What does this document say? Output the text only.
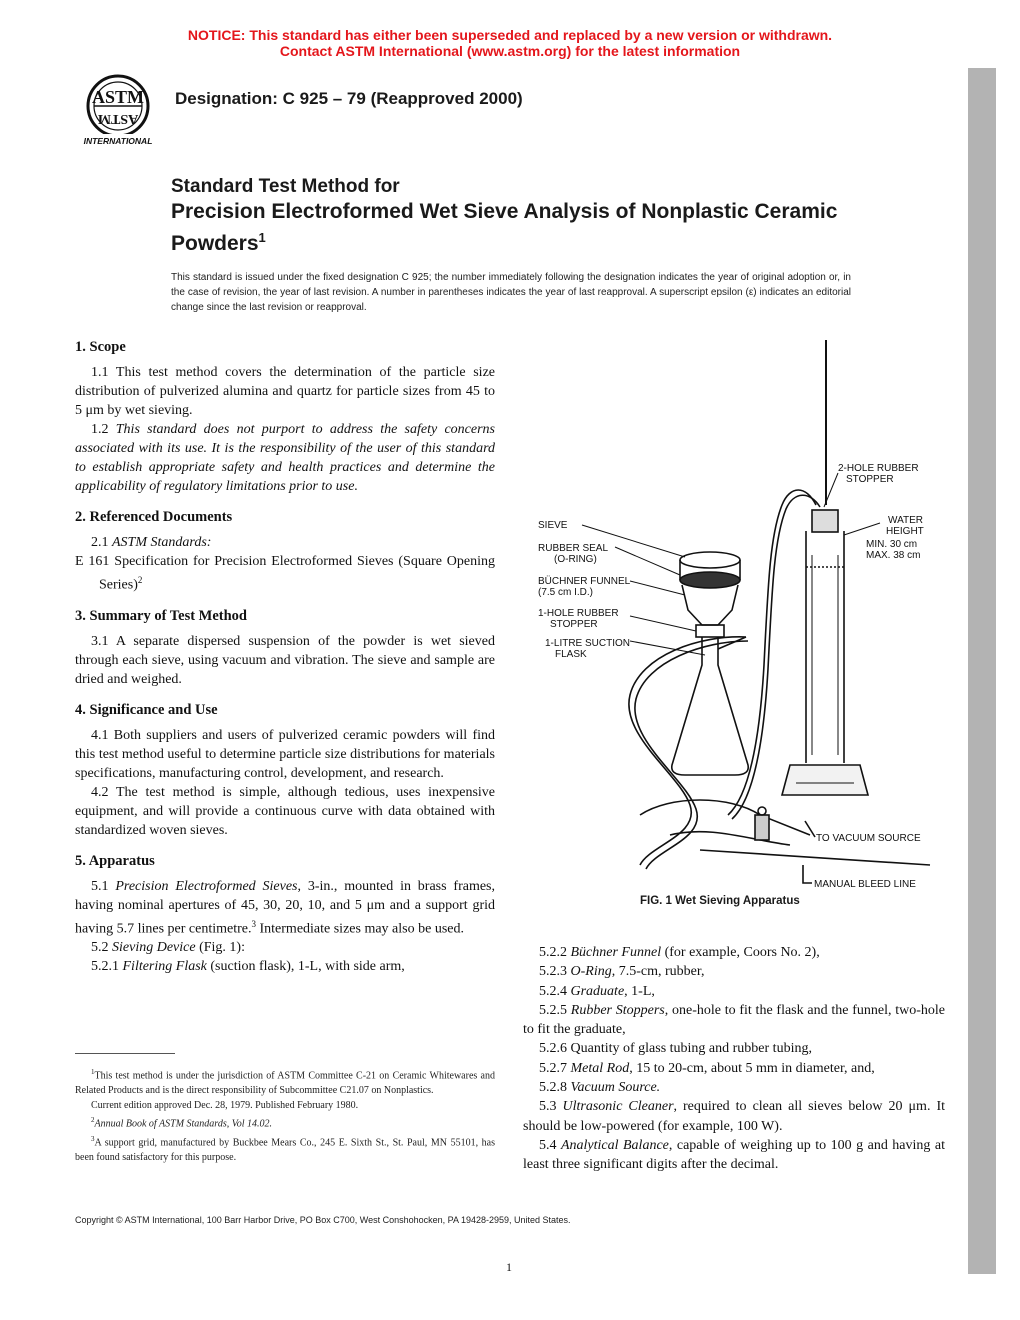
NOTICE: This standard has either been superseded and replaced by a new version or withdrawn.
Contact ASTM International (www.astm.org) for the latest information
ASTM
ASTM
INTERNATIONAL
Designation: C 925 – 79 (Reapproved 2000)
Standard Test Method for
Precision Electroformed Wet Sieve Analysis of Nonplastic Ceramic Powders$^1$
This standard is issued under the fixed designation C 925; the number immediately following the designation indicates the year of original adoption or, in the case of revision, the year of last revision. A number in parentheses indicates the year of last reapproval. A superscript epsilon (ε) indicates an editorial change since the last revision or reapproval.
1. Scope

1.1 This test method covers the determination of the particle size distribution of pulverized alumina and quartz for particle sizes from 45 to 5 μm by wet sieving.

1.2 This standard does not purport to address the safety concerns associated with its use. It is the responsibility of the user of this standard to establish appropriate safety and health practices and determine the applicability of regulatory limitations prior to use.

2. Referenced Documents

2.1 ASTM Standards:

E 161 Specification for Precision Electroformed Sieves (Square Opening Series)$^2$

3. Summary of Test Method

3.1 A separate dispersed suspension of the powder is wet sieved through each sieve, using vacuum and vibration. The sieve and sample are dried and weighed.

4. Significance and Use

4.1 Both suppliers and users of pulverized ceramic powders will find this test method useful to determine particle size distributions for materials specifications, manufacturing control, development, and research.

4.2 The test method is simple, although tedious, uses inexpensive equipment, and will provide a continuous curve with data obtained with standardized woven sieves.

5. Apparatus

5.1 Precision Electroformed Sieves, 3-in., mounted in brass frames, having nominal apertures of 45, 30, 20, 10, and 5 μm and a support grid having 5.7 lines per centimetre.$^3$ Intermediate sizes may also be used.

5.2 Sieving Device (Fig. 1):

5.2.1 Filtering Flask (suction flask), 1-L, with side arm,

SIEVE
RUBBER SEAL
(O-RING)
BÜCHNER FUNNEL
(7.5 cm I.D.)
1-HOLE RUBBER
STOPPER
1-LITRE SUCTION
FLASK
2-HOLE RUBBER
STOPPER
WATER
HEIGHT
MIN. 30 cm
MAX. 38 cm
TO VACUUM SOURCE
MANUAL BLEED LINE
FIG. 1 Wet Sieving Apparatus

5.2.2 Büchner Funnel (for example, Coors No. 2),

5.2.3 O-Ring, 7.5-cm, rubber,

5.2.4 Graduate, 1-L,

5.2.5 Rubber Stoppers, one-hole to fit the flask and the funnel, two-hole to fit the graduate,

5.2.6 Quantity of glass tubing and rubber tubing,

5.2.7 Metal Rod, 15 to 20-cm, about 5 mm in diameter, and,

5.2.8 Vacuum Source.

5.3 Ultrasonic Cleaner, required to clean all sieves below 20 μm. It should be low-powered (for example, 100 W).

5.4 Analytical Balance, capable of weighing up to 100 g and having at least three significant digits after the decimal.

$^1$This test method is under the jurisdiction of ASTM Committee C-21 on Ceramic Whitewares and Related Products and is the direct responsibility of Subcommittee C21.07 on Nonplastics.

Current edition approved Dec. 28, 1979. Published February 1980.

$^2$Annual Book of ASTM Standards, Vol 14.02.

$^3$A support grid, manufactured by Buckbee Mears Co., 245 E. Sixth St., St. Paul, MN 55101, has been found satisfactory for this purpose.

Copyright © ASTM International, 100 Barr Harbor Drive, PO Box C700, West Conshohocken, PA 19428-2959, United States.
1
